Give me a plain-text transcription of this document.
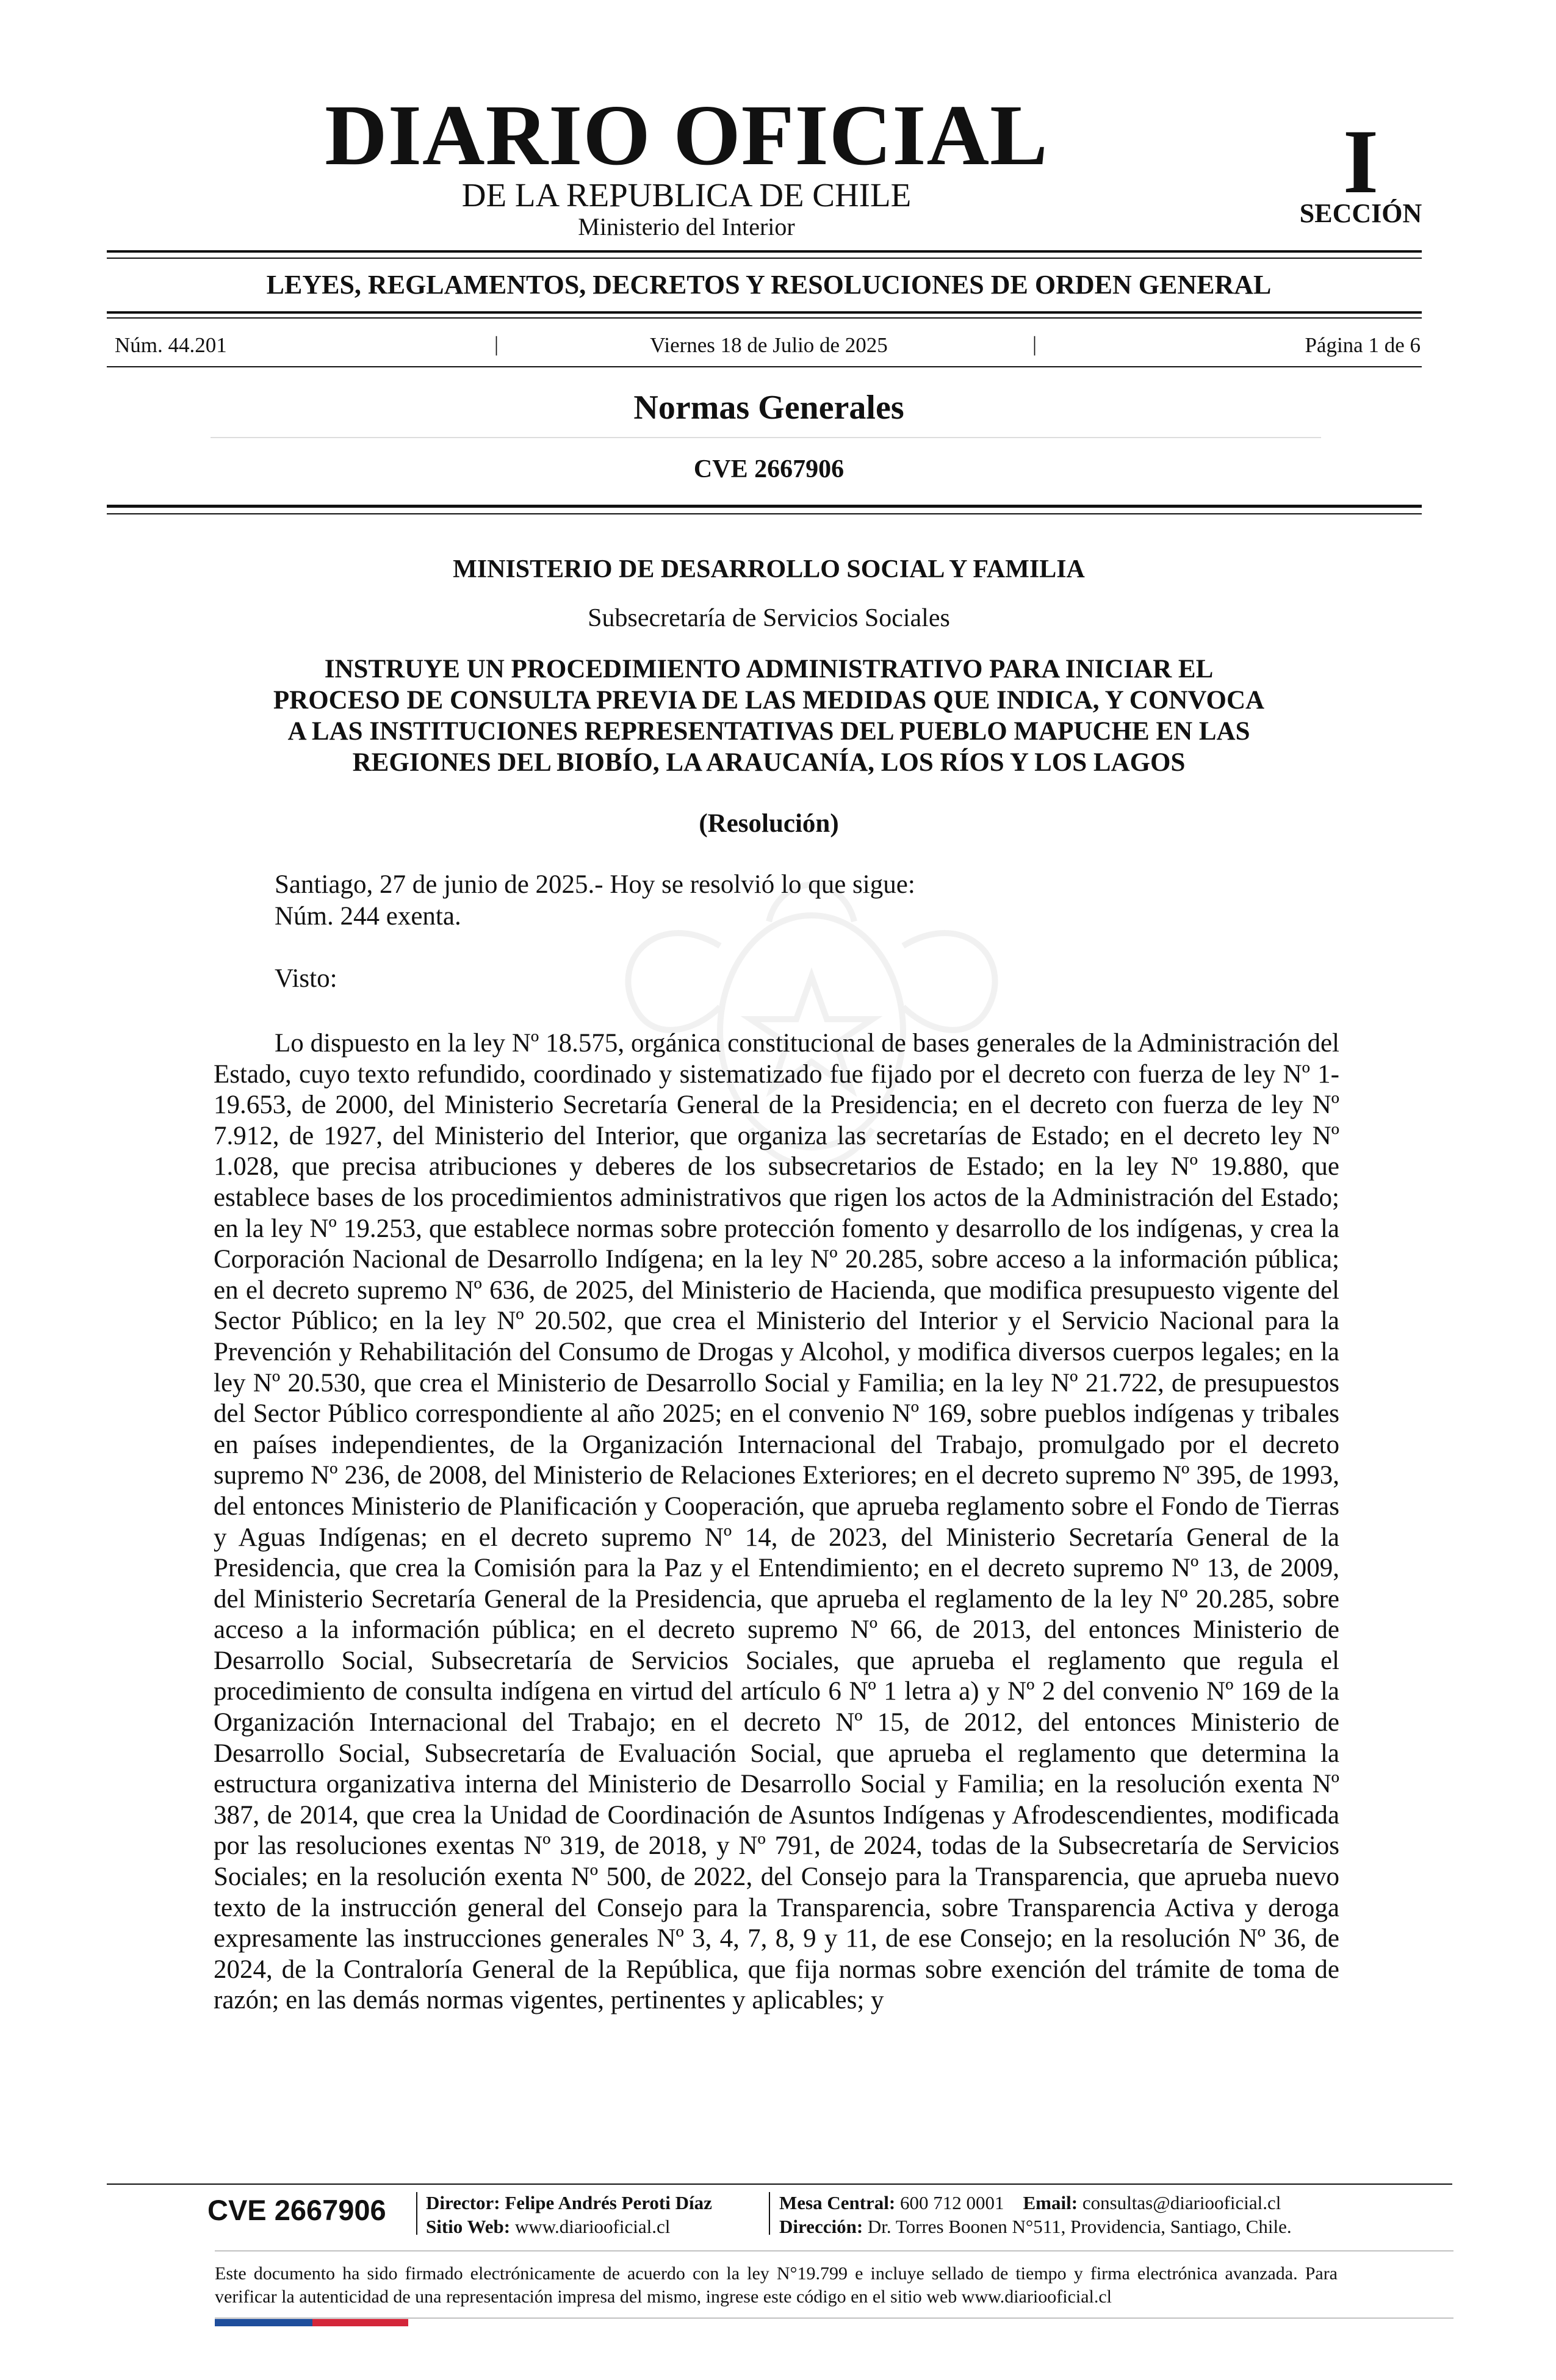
DIARIO OFICIAL
DE LA REPUBLICA DE CHILE
Ministerio del Interior
I
SECCIÓN
LEYES, REGLAMENTOS, DECRETOS Y RESOLUCIONES DE ORDEN GENERAL
Núm. 44.201	|	Viernes 18 de Julio de 2025	|	Página 1 de 6
Normas Generales
CVE 2667906
MINISTERIO DE DESARROLLO SOCIAL Y FAMILIA
Subsecretaría de Servicios Sociales
INSTRUYE UN PROCEDIMIENTO ADMINISTRATIVO PARA INICIAR EL
PROCESO DE CONSULTA PREVIA DE LAS MEDIDAS QUE INDICA, Y CONVOCA
A LAS INSTITUCIONES REPRESENTATIVAS DEL PUEBLO MAPUCHE EN LAS
REGIONES DEL BIOBÍO, LA ARAUCANÍA, LOS RÍOS Y LOS LAGOS
(Resolución)
Santiago, 27 de junio de 2025.- Hoy se resolvió lo que sigue:
Núm. 244 exenta.
Visto:
Lo dispuesto en la ley Nº 18.575, orgánica constitucional de bases generales de la Administración del Estado, cuyo texto refundido, coordinado y sistematizado fue fijado por el decreto con fuerza de ley Nº 1-19.653, de 2000, del Ministerio Secretaría General de la Presidencia; en el decreto con fuerza de ley Nº 7.912, de 1927, del Ministerio del Interior, que organiza las secretarías de Estado; en el decreto ley Nº 1.028, que precisa atribuciones y deberes de los subsecretarios de Estado; en la ley Nº 19.880, que establece bases de los procedimientos administrativos que rigen los actos de la Administración del Estado; en la ley Nº 19.253, que establece normas sobre protección fomento y desarrollo de los indígenas, y crea la Corporación Nacional de Desarrollo Indígena; en la ley Nº 20.285, sobre acceso a la información pública; en el decreto supremo Nº 636, de 2025, del Ministerio de Hacienda, que modifica presupuesto vigente del Sector Público; en la ley Nº 20.502, que crea el Ministerio del Interior y el Servicio Nacional para la Prevención y Rehabilitación del Consumo de Drogas y Alcohol, y modifica diversos cuerpos legales; en la ley Nº 20.530, que crea el Ministerio de Desarrollo Social y Familia; en la ley Nº 21.722, de presupuestos del Sector Público correspondiente al año 2025; en el convenio Nº 169, sobre pueblos indígenas y tribales en países independientes, de la Organización Internacional del Trabajo, promulgado por el decreto supremo Nº 236, de 2008, del Ministerio de Relaciones Exteriores; en el decreto supremo Nº 395, de 1993, del entonces Ministerio de Planificación y Cooperación, que aprueba reglamento sobre el Fondo de Tierras y Aguas Indígenas; en el decreto supremo Nº 14, de 2023, del Ministerio Secretaría General de la Presidencia, que crea la Comisión para la Paz y el Entendimiento; en el decreto supremo Nº 13, de 2009, del Ministerio Secretaría General de la Presidencia, que aprueba el reglamento de la ley Nº 20.285, sobre acceso a la información pública; en el decreto supremo Nº 66, de 2013, del entonces Ministerio de Desarrollo Social, Subsecretaría de Servicios Sociales, que aprueba el reglamento que regula el procedimiento de consulta indígena en virtud del artículo 6 Nº 1 letra a) y Nº 2 del convenio Nº 169 de la Organización Internacional del Trabajo; en el decreto Nº 15, de 2012, del entonces Ministerio de Desarrollo Social, Subsecretaría de Evaluación Social, que aprueba el reglamento que determina la estructura organizativa interna del Ministerio de Desarrollo Social y Familia; en la resolución exenta Nº 387, de 2014, que crea la Unidad de Coordinación de Asuntos Indígenas y Afrodescendientes, modificada por las resoluciones exentas Nº 319, de 2018, y Nº 791, de 2024, todas de la Subsecretaría de Servicios Sociales; en la resolución exenta Nº 500, de 2022, del Consejo para la Transparencia, que aprueba nuevo texto de la instrucción general del Consejo para la Transparencia, sobre Transparencia Activa y deroga expresamente las instrucciones generales Nº 3, 4, 7, 8, 9 y 11, de ese Consejo; en la resolución Nº 36, de 2024, de la Contraloría General de la República, que fija normas sobre exención del trámite de toma de razón; en las demás normas vigentes, pertinentes y aplicables; y
CVE 2667906 Director: Felipe Andrés Peroti Díaz
Sitio Web: www.diariooficial.cl
Mesa Central: 600 712 0001 Email: consultas@diariooficial.cl
Dirección: Dr. Torres Boonen N°511, Providencia, Santiago, Chile.
Este documento ha sido firmado electrónicamente de acuerdo con la ley N°19.799 e incluye sellado de tiempo y firma electrónica avanzada. Para verificar la autenticidad de una representación impresa del mismo, ingrese este código en el sitio web www.diariooficial.cl
